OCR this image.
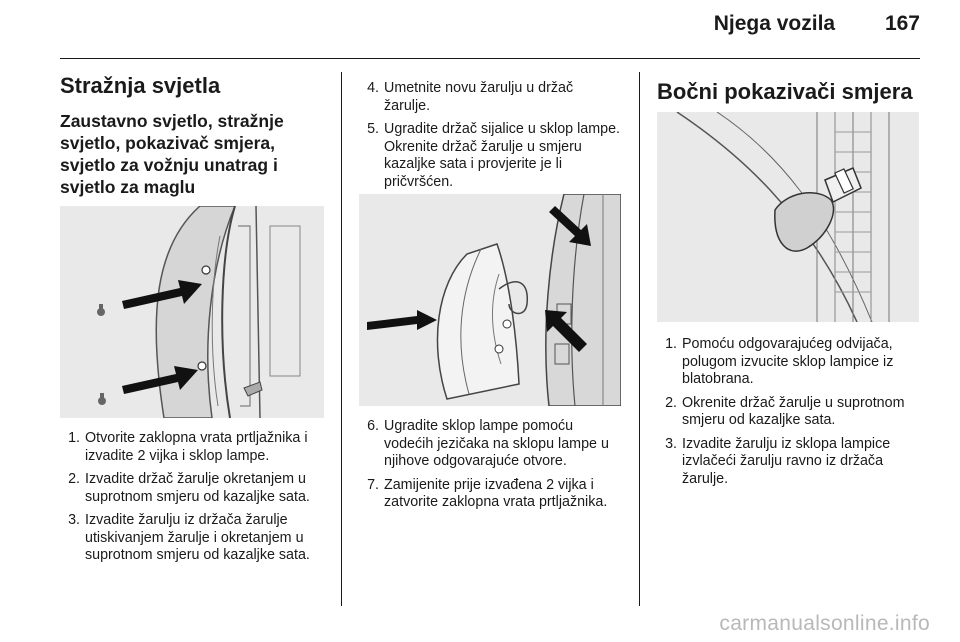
Njega vozila 167
Stražnja svjetla
Zaustavno svjetlo, stražnje svjetlo, pokazivač smjera, svjetlo za vožnju unatrag i svjetlo za maglu
1. Otvorite zaklopna vrata prtljažnika i izvadite 2 vijka i sklop lampe.
2. Izvadite držač žarulje okretanjem u suprotnom smjeru od kazaljke sata.
3. Izvadite žarulju iz držača žarulje utiskivanjem žarulje i okretanjem u suprotnom smjeru od kazaljke sata.
4. Umetnite novu žarulju u držač žarulje.
5. Ugradite držač sijalice u sklop lampe. Okrenite držač žarulje u smjeru kazaljke sata i provjerite je li pričvršćen.
6. Ugradite sklop lampe pomoću vodećih jezičaka na sklopu lampe u njihove odgovarajuće otvore.
7. Zamijenite prije izvađena 2 vijka i zatvorite zaklopna vrata prtljažnika.
Bočni pokazivači smjera
1. Pomoću odgovarajućeg odvijača, polugom izvucite sklop lampice iz blatobrana.
2. Okrenite držač žarulje u suprotnom smjeru od kazaljke sata.
3. Izvadite žarulju iz sklopa lampice izvlačeći žarulju ravno iz držača žarulje.
carmanualsonline.info
